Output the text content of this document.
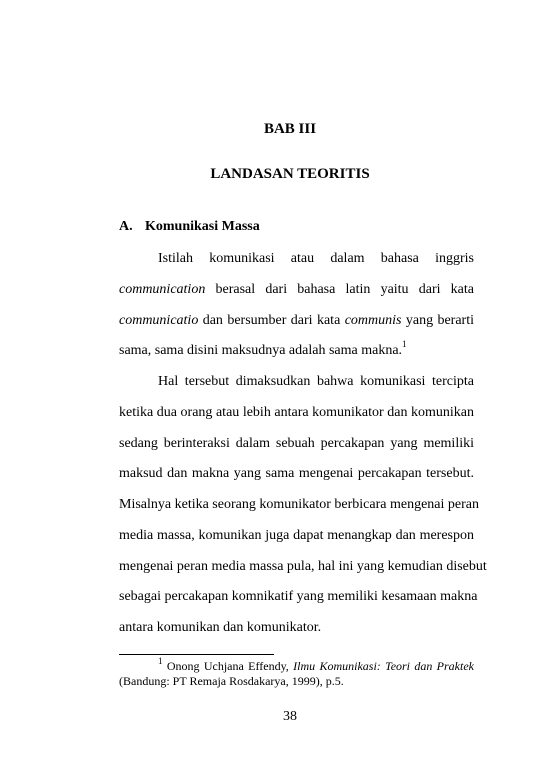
BAB III
LANDASAN TEORITIS
A. Komunikasi Massa
Istilah komunikasi atau dalam bahasa inggris
communication berasal dari bahasa latin yaitu dari kata
communicatio dan bersumber dari kata communis yang berarti
sama, sama disini maksudnya adalah sama makna.$^1$
Hal tersebut dimaksudkan bahwa komunikasi tercipta
ketika dua orang atau lebih antara komunikator dan komunikan
sedang berinteraksi dalam sebuah percakapan yang memiliki
maksud dan makna yang sama mengenai percakapan tersebut.
Misalnya ketika seorang komunikator berbicara mengenai peran
media massa, komunikan juga dapat menangkap dan merespon
mengenai peran media massa pula, hal ini yang kemudian disebut
sebagai percakapan komnikatif yang memiliki kesamaan makna
antara komunikan dan komunikator.
$^1$ Onong Uchjana Effendy, Ilmu Komunikasi: Teori dan Praktek
(Bandung: PT Remaja Rosdakarya, 1999), p.5.
38
